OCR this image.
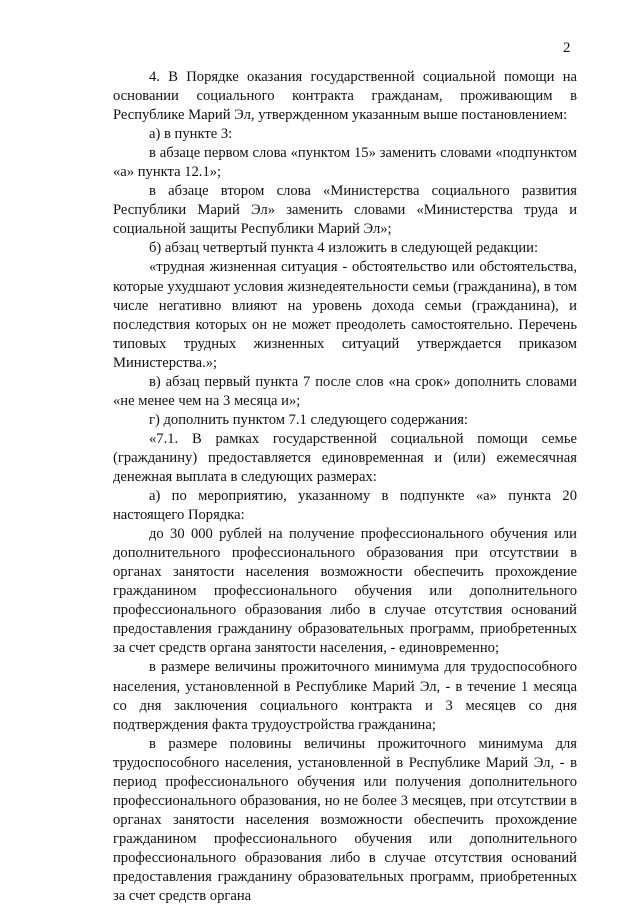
2

4. В Порядке оказания государственной социальной помощи на основании социального контракта гражданам, проживающим в Республике Марий Эл, утвержденном указанным выше постановлением:

а) в пункте 3:

в абзаце первом слова «пунктом 15» заменить словами «подпунктом «а» пункта 12.1»;

в абзаце втором слова «Министерства социального развития Республики Марий Эл» заменить словами «Министерства труда и социальной защиты Республики Марий Эл»;

б) абзац четвертый пункта 4 изложить в следующей редакции:

«трудная жизненная ситуация - обстоятельство или обстоятельства, которые ухудшают условия жизнедеятельности семьи (гражданина), в том числе негативно влияют на уровень дохода семьи (гражданина), и последствия которых он не может преодолеть самостоятельно. Перечень типовых трудных жизненных ситуаций утверждается приказом Министерства.»;

в) абзац первый пункта 7 после слов «на срок» дополнить словами «не менее чем на 3 месяца и»;

г) дополнить пунктом 7.1 следующего содержания:

«7.1. В рамках государственной социальной помощи семье (гражданину) предоставляется единовременная и (или) ежемесячная денежная выплата в следующих размерах:

а) по мероприятию, указанному в подпункте «а» пункта 20 настоящего Порядка:

до 30 000 рублей на получение профессионального обучения или дополнительного профессионального образования при отсутствии в органах занятости населения возможности обеспечить прохождение гражданином профессионального обучения или дополнительного профессионального образования либо в случае отсутствия оснований предоставления гражданину образовательных программ, приобретенных за счет средств органа занятости населения, - единовременно;

в размере величины прожиточного минимума для трудоспособного населения, установленной в Республике Марий Эл, - в течение 1 месяца со дня заключения социального контракта и 3 месяцев со дня подтверждения факта трудоустройства гражданина;

в размере половины величины прожиточного минимума для трудоспособного населения, установленной в Республике Марий Эл, - в период профессионального обучения или получения дополнительного профессионального образования, но не более 3 месяцев, при отсутствии в органах занятости населения возможности обеспечить прохождение гражданином профессионального обучения или дополнительного профессионального образования либо в случае отсутствия оснований предоставления гражданину образовательных программ, приобретенных за счет средств органа
